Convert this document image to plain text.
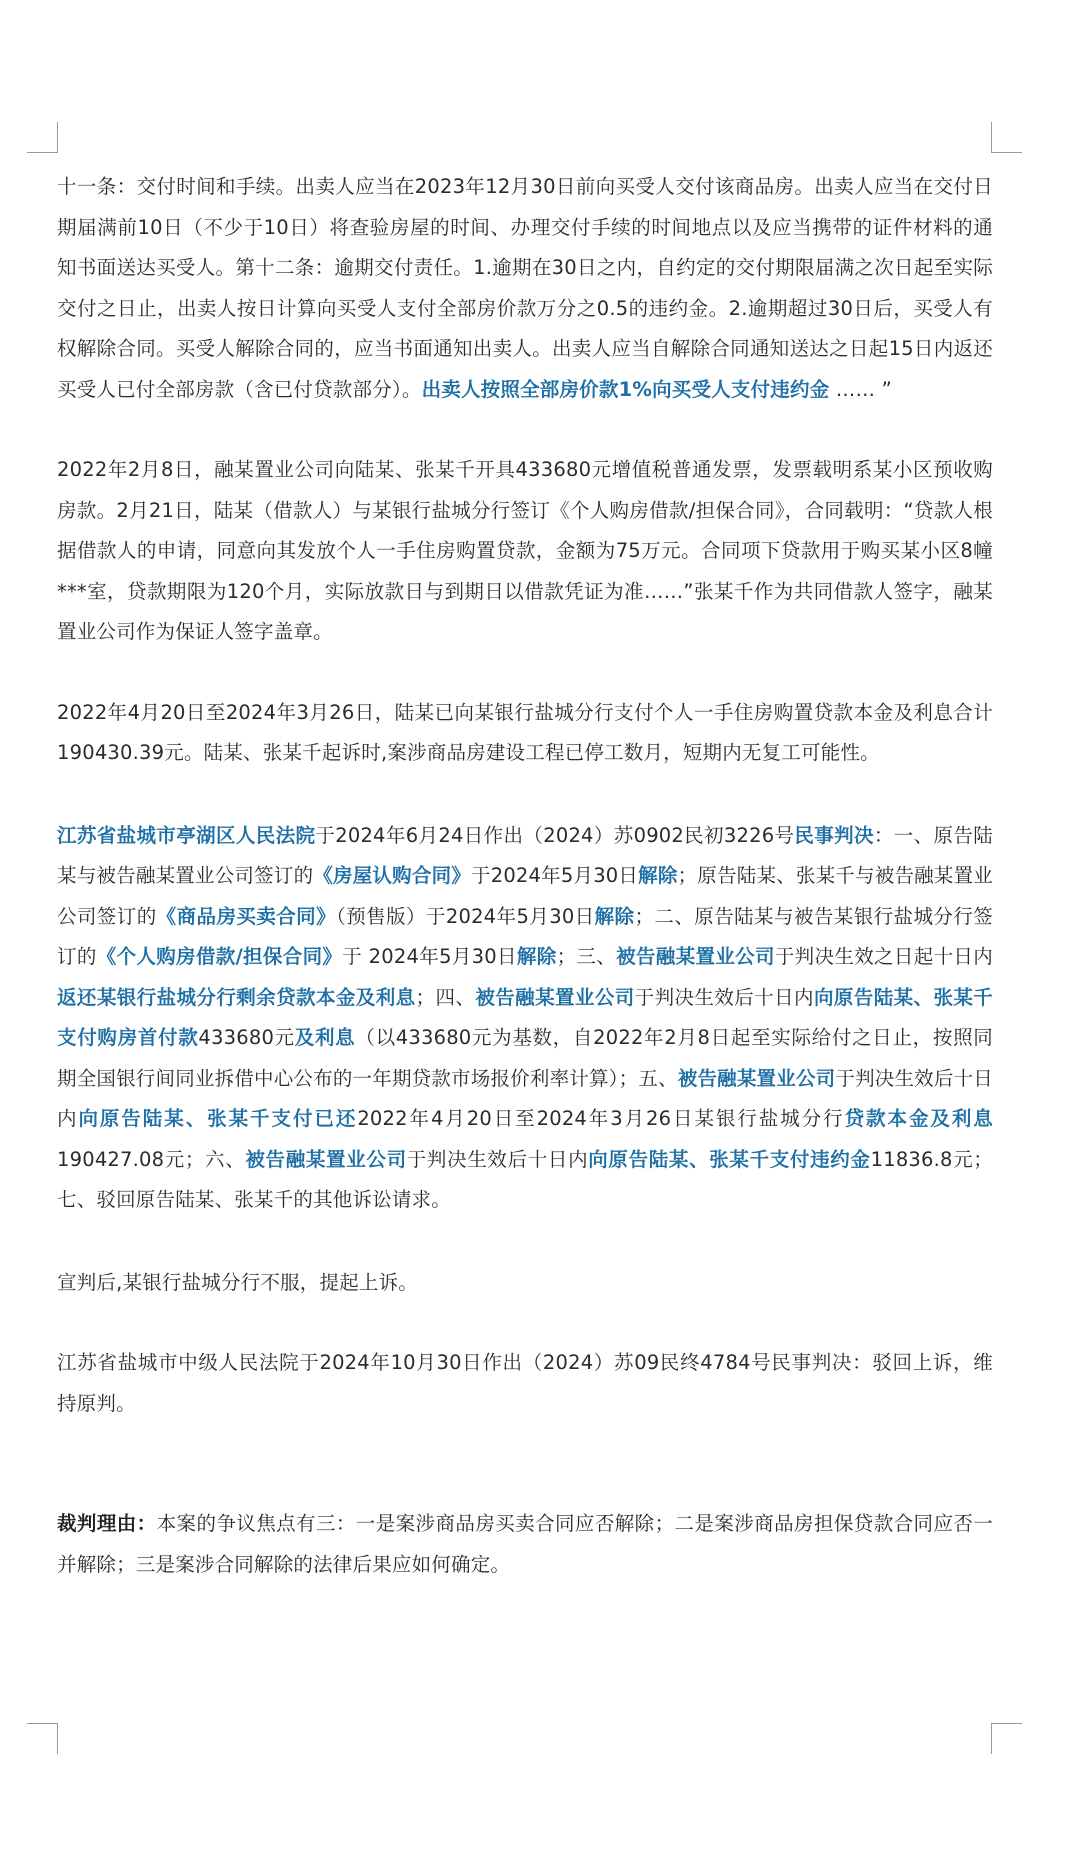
十一条：交付时间和手续。出卖人应当在2023年12月30日前向买受人交付该商品房。出卖人应当在交付日期届满前10日（不少于10日）将查验房屋的时间、办理交付手续的时间地点以及应当携带的证件材料的通知书面送达买受人。第十二条：逾期交付责任。1.逾期在30日之内，自约定的交付期限届满之次日起至实际交付之日止，出卖人按日计算向买受人支付全部房价款万分之0.5的违约金。2.逾期超过30日后，买受人有权解除合同。买受人解除合同的，应当书面通知出卖人。出卖人应当自解除合同通知送达之日起15日内返还买受人已付全部房款（含已付贷款部分）。出卖人按照全部房价款1%向买受人支付违约金 …… ”

2022年2月8日，融某置业公司向陆某、张某千开具433680元增值税普通发票，发票载明系某小区预收购房款。2月21日，陆某（借款人）与某银行盐城分行签订《个人购房借款/担保合同》，合同载明：“贷款人根据借款人的申请，同意向其发放个人一手住房购置贷款，金额为75万元。合同项下贷款用于购买某小区8幢***室，贷款期限为120个月，实际放款日与到期日以借款凭证为准……”张某千作为共同借款人签字，融某置业公司作为保证人签字盖章。

2022年4月20日至2024年3月26日，陆某已向某银行盐城分行支付个人一手住房购置贷款本金及利息合计190430.39元。陆某、张某千起诉时,案涉商品房建设工程已停工数月，短期内无复工可能性。

江苏省盐城市亭湖区人民法院于2024年6月24日作出（2024）苏0902民初3226号民事判决：一、原告陆某与被告融某置业公司签订的《房屋认购合同》于2024年5月30日解除；原告陆某、张某千与被告融某置业公司签订的《商品房买卖合同》（预售版）于2024年5月30日解除；二、原告陆某与被告某银行盐城分行签订的《个人购房借款/担保合同》于 2024年5月30日解除；三、被告融某置业公司于判决生效之日起十日内返还某银行盐城分行剩余贷款本金及利息；四、被告融某置业公司于判决生效后十日内向原告陆某、张某千支付购房首付款433680元及利息（以433680元为基数，自2022年2月8日起至实际给付之日止，按照同期全国银行间同业拆借中心公布的一年期贷款市场报价利率计算）；五、被告融某置业公司于判决生效后十日内向原告陆某、张某千支付已还2022年4月20日至2024年3月26日某银行盐城分行贷款本金及利息190427.08元；六、被告融某置业公司于判决生效后十日内向原告陆某、张某千支付违约金11836.8元；七、驳回原告陆某、张某千的其他诉讼请求。

宣判后,某银行盐城分行不服，提起上诉。

江苏省盐城市中级人民法院于2024年10月30日作出（2024）苏09民终4784号民事判决：驳回上诉，维持原判。

裁判理由：本案的争议焦点有三：一是案涉商品房买卖合同应否解除；二是案涉商品房担保贷款合同应否一并解除；三是案涉合同解除的法律后果应如何确定。
